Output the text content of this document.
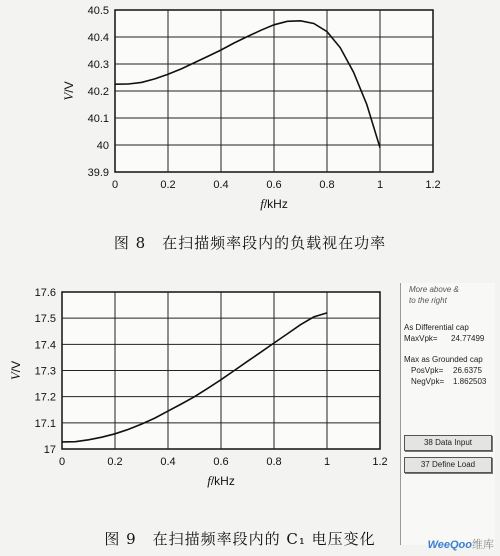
0	0.2	0.4	0.6	0.8	1	1.2
39.9
40
40.1
40.2
40.3
40.4
40.5
V/V
f/kHz
图 8　在扫描频率段内的负载视在功率
0	0.2	0.4	0.6	0.8	1	1.2
17
17.1
17.2
17.3
17.4
17.5
17.6
V/V
f/kHz
图 9　在扫描频率段内的 C₁ 电压变化
More above &
to the right
As Differential cap
MaxVpk= 24.77499
Max as Grounded cap
PosVpk= 26.6375
NegVpk= 1.862503
38 Data Input
37 Define Load
WeeQoo维库
